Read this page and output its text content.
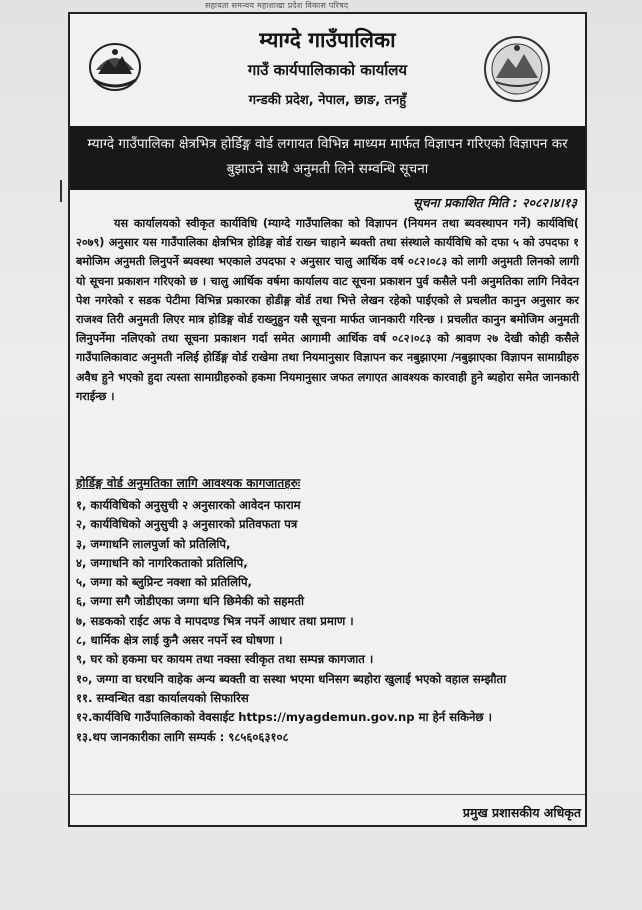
सहायता समन्वय महाशाखा प्रदेश विकास परिषद
म्याग्दे गाउँपालिका
गाउँ कार्यपालिकाको कार्यालय
गन्डकी प्रदेश, नेपाल, छाङ, तनहुँ
म्याग्दे गाउँपालिका क्षेत्रभित्र होर्डिङ्ग वोर्ड लगायत विभिन्न माध्यम मार्फत विज्ञापन गरिएको विज्ञापन कर बुझाउने साथै अनुमती लिने सम्वन्धि सूचना
सूचना प्रकाशित मिति : २०८२।४।१३
यस कार्यालयको स्वीकृत कार्यविधि (म्याग्दे गाउँपालिका को विज्ञापन (नियमन तथा ब्यवस्थापन गर्ने) कार्यविधि( २०७९) अनुसार यस गाउँपालिका क्षेत्रभित्र होडिङ्ग वोर्ड राख्न चाहाने ब्यक्ती तथा संस्थाले कार्यविधि को दफा ५ को उपदफा १ बमोजिम अनुमती लिनुपर्ने ब्यवस्था भएकाले उपदफा २ अनुसार चालु आर्थिक वर्ष ०८२।०८३ को लागी अनुमती लिनको लागी यो सूचना प्रकाशन गरिएको छ । चालु आर्थिक वर्षमा कार्यालय वाट सूचना प्रकाशन पुर्व कसैले पनी अनुमतिका लागि निवेदन पेश नगरेको र सडक पेटीमा विभिन्न प्रकारका होडीङ्ग वोर्ड तथा भित्ते लेखन रहेको पाईएको ले प्रचलीत कानुन अनुसार कर राजश्व तिरी अनुमती लिएर मात्र होडिङ्ग वोर्ड राख्नुहुन यसै सूचना मार्फत जानकारी गरिन्छ । प्रचलीत कानुन बमोजिम अनुमती लिनुपर्नेमा नलिएको तथा सूचना प्रकाशन गर्दा समेत आगामी आर्थिक वर्ष ०८२।०८३ को श्रावण २७ देखी कोही कसैले गाउँपालिकावाट अनुमती नलिई होर्डिङ्ग वोर्ड राखेमा तथा नियमानुसार विज्ञापन कर नबुझाएमा /नबुझाएका विज्ञापन सामाग्रीहरु अवैध हुने भएको हुदा त्यस्ता सामाग्रीहरुको हकमा नियमानुसार जफत लगाएत आवश्यक कारवाही हुने ब्यहोरा समेत जानकारी गराईन्छ ।
होर्डिङ्ग वोर्ड अनुमतिका लागि आवश्यक कागजातहरुः
१, कार्यविधिको अनुसुची २ अनुसारको आवेदन फाराम
२, कार्यविधिको अनुसुची ३ अनुसारको प्रतिवफता पत्र
३, जग्गाधनि लालपुर्जा को प्रतिलिपि,
४, जग्गाधनि को नागरिकताको प्रतिलिपि,
५, जग्गा को ब्लुप्रिन्ट नक्शा को प्रतिलिपि,
६, जग्गा सगै जोडीएका जग्गा धनि छिमेकी को सहमती
७, सडकको राईट अफ वे मापदण्ड भित्र नपर्ने आधार तथा प्रमाण ।
८, धार्मिक क्षेत्र लाई कुनै असर नपर्ने स्व घोषणा ।
९, घर को हकमा घर कायम तथा नक्सा स्वीकृत तथा सम्पन्न कागजात ।
१०, जग्गा वा घरधनि वाहेक अन्य ब्यक्ती वा सस्था भएमा धनिसग ब्यहोरा खुलाई भएको वहाल सम्झौता
११. सम्वन्धित वडा कार्यालयको सिफारिस
१२.कार्यविधि गाउँपालिकाको वेवसाईट https://myagdemun.gov.np मा हेर्न सकिनेछ ।
१३.थप जानकारीका लागि सम्पर्क : ९८५६०६३१०८
प्रमुख प्रशासकीय अधिकृत
